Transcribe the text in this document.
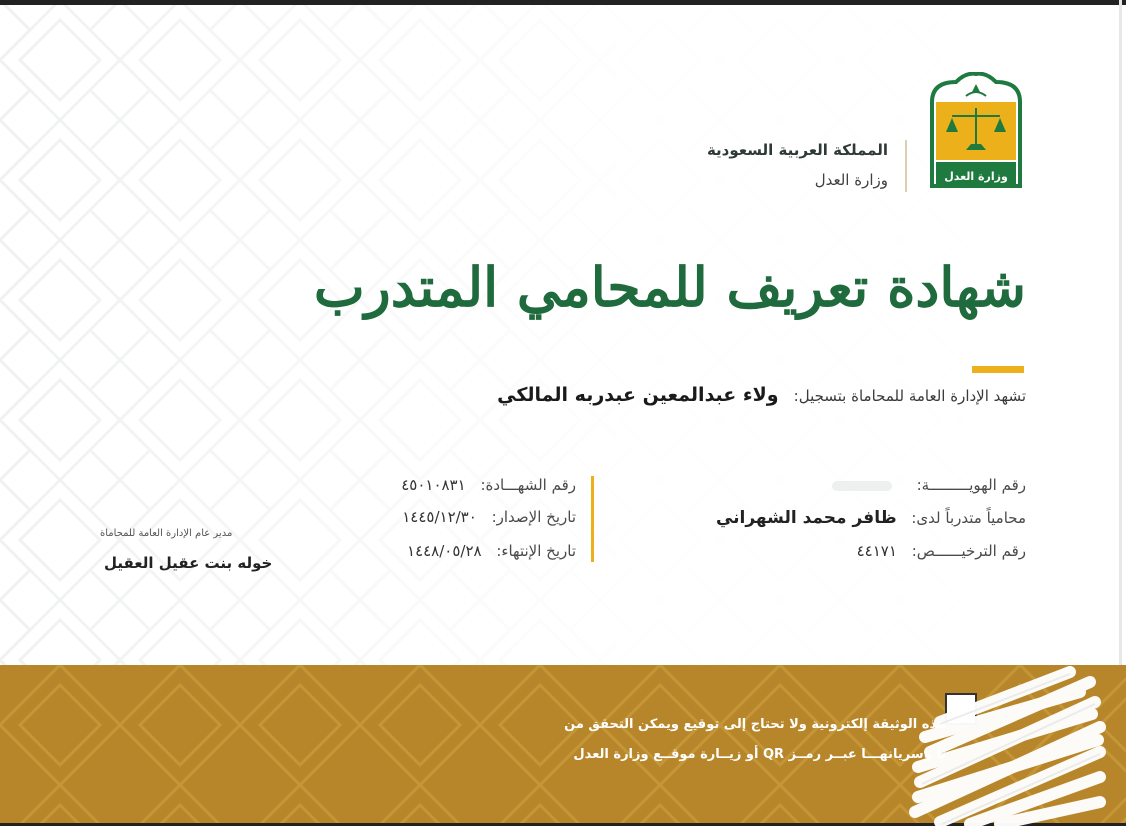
وزارة العدل
المملكة العربية السعودية
وزارة العدل
شهادة تعريف للمحامي المتدرب
تشهد الإدارة العامة للمحاماة بتسجيل: ولاء عبدالمعين عبدربه المالكي
رقم الهويـــــــــة:
محامياً متدرباً لدى: ظافر محمد الشهراني
رقم الترخيــــــص: ٤٤١٧١
رقم الشهـــادة: ٤٥٠١٠٨٣١
تاريخ الإصدار: ١٤٤٥/١٢/٣٠
تاريخ الإنتهاء: ١٤٤٨/٠٥/٢٨
مدير عام الإدارة العامة للمحاماة
خوله بنت عقيل العقيل
هذه الوثيقة إلكترونية ولا تحتاج إلى توقيع ويمكن التحقق من
تا وسريانهـــا عبــر رمــز QR أو زيــارة موقــع وزارة العدل
